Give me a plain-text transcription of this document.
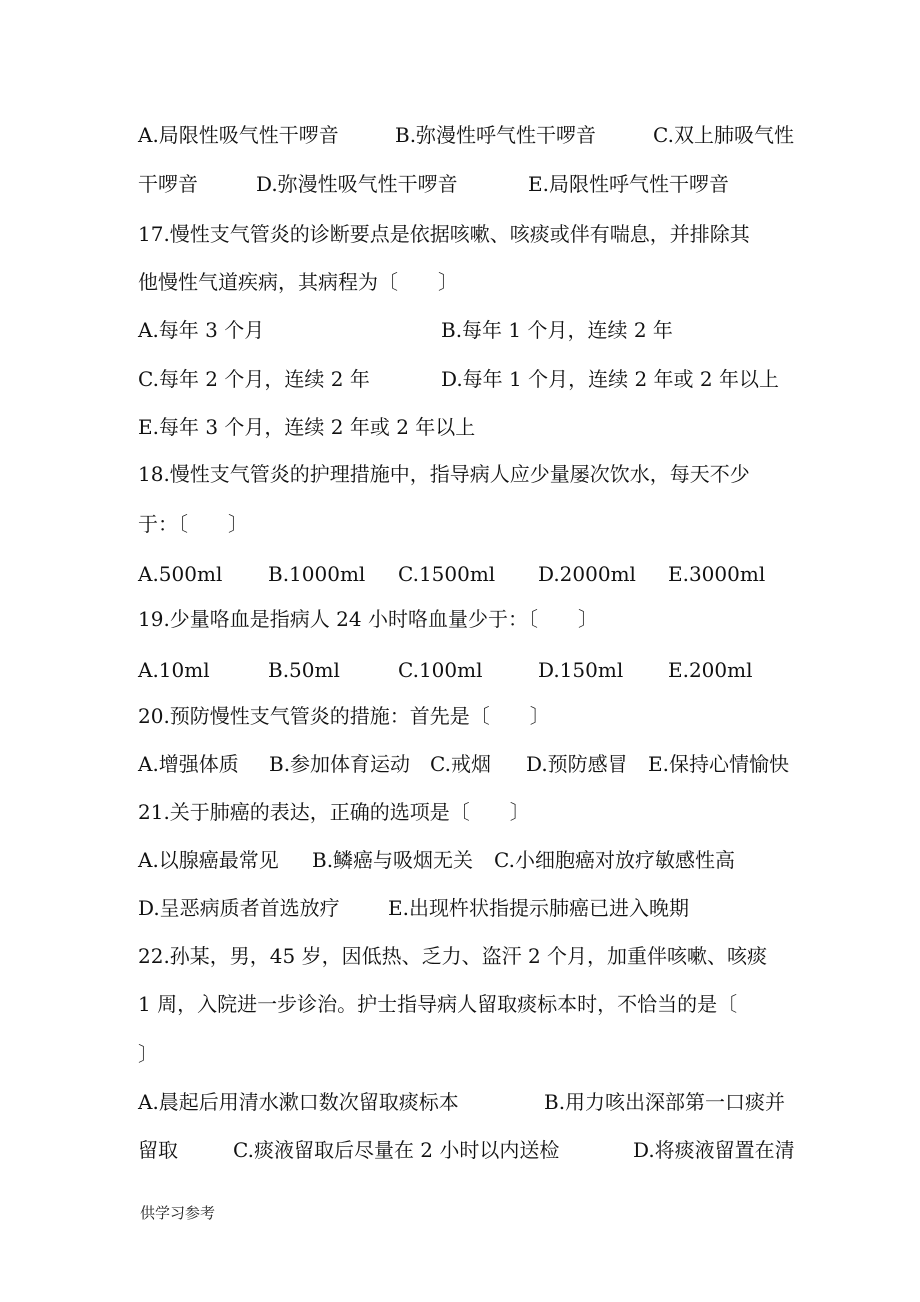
A.局限性吸气性干啰音

	B.弥漫性呼气性干啰音

	C.双上肺吸气性

干啰音

	D.弥漫性吸气性干啰音

	E.局限性呼气性干啰音

17.慢性支气管炎的诊断要点是依据咳嗽、咳痰或伴有喘息，并排除其
他慢性气道疾病，其病程为〔　　〕

A.每年 3 个月

	B.每年 1 个月，连续 2 年

C.每年 2 个月，连续 2 年

	D.每年 1 个月，连续 2 年或 2 年以上

E.每年 3 个月，连续 2 年或 2 年以上
18.慢性支气管炎的护理措施中，指导病人应少量屡次饮水，每天不少
于：〔　　〕

A.500ml

B.1000ml

C.1500ml

D.2000ml

E.3000ml

19.少量咯血是指病人 24 小时咯血量少于：〔　　〕

A.10ml

	B.50ml

	C.100ml

	D.150ml

E.200ml

20.预防慢性支气管炎的措施：首先是〔　　〕

A.增强体质

B.参加体育运动

C.戒烟

D.预防感冒

E.保持心情愉快

21.关于肺癌的表达，正确的选项是〔　　〕

A.以腺癌最常见

B.鳞癌与吸烟无关

C.小细胞癌对放疗敏感性高

D.呈恶病质者首选放疗

E.出现杵状指提示肺癌已进入晚期

22.孙某，男，45 岁，因低热、乏力、盗汗 2 个月，加重伴咳嗽、咳痰
1 周，入院进一步诊治。护士指导病人留取痰标本时，不恰当的是〔
〕

A.晨起后用清水漱口数次留取痰标本

	B.用力咳出深部第一口痰并

留取

	C.痰液留取后尽量在 2 小时以内送检

	D.将痰液留置在清

供学习参考
